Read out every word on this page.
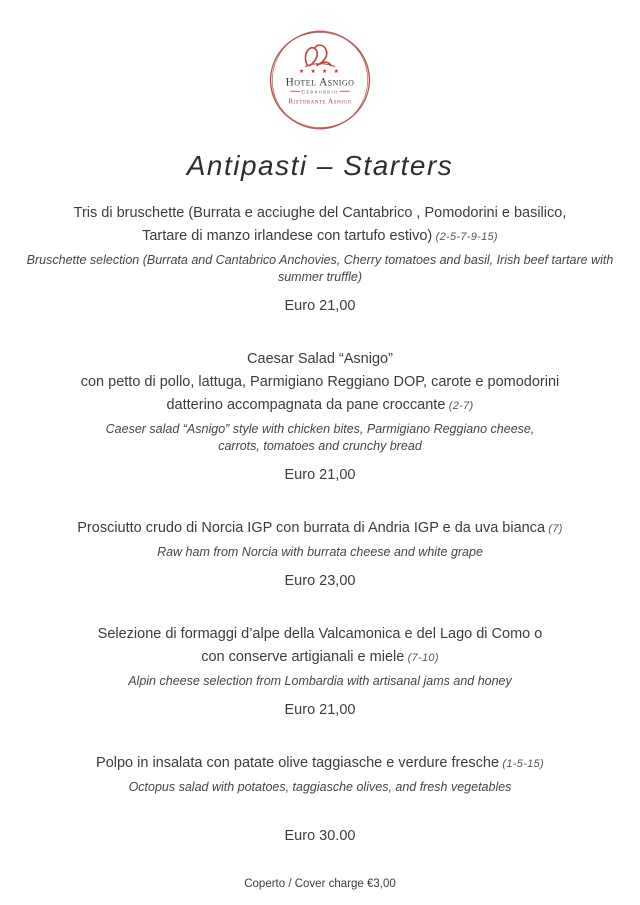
★ ★ ★ ★
Hotel Asnigo
Cernobbio
Ristorante Asnigo
Antipasti – Starters
Tris di bruschette (Burrata e acciughe del Cantabrico , Pomodorini e basilico,
Tartare di manzo irlandese con tartufo estivo) (2-5-7-9-15)
Bruschette selection (Burrata and Cantabrico Anchovies, Cherry tomatoes and basil, Irish beef tartare with
summer truffle)
Euro 21,00
Caesar Salad “Asnigo”
con petto di pollo, lattuga, Parmigiano Reggiano DOP, carote e pomodorini
datterino accompagnata da pane croccante (2-7)
Caeser salad “Asnigo” style with chicken bites, Parmigiano Reggiano cheese,
carrots, tomatoes and crunchy bread
Euro 21,00
Prosciutto crudo di Norcia IGP con burrata di Andria IGP e da uva bianca (7)
Raw ham from Norcia with burrata cheese and white grape
Euro 23,00
Selezione di formaggi d’alpe della Valcamonica e del Lago di Como o
con conserve artigianali e miele (7-10)
Alpin cheese selection from Lombardia with artisanal jams and honey
Euro 21,00
Polpo in insalata con patate olive taggiasche e verdure fresche (1-5-15)
Octopus salad with potatoes, taggiasche olives, and fresh vegetables
Euro 30.00
Coperto / Cover charge €3,00
